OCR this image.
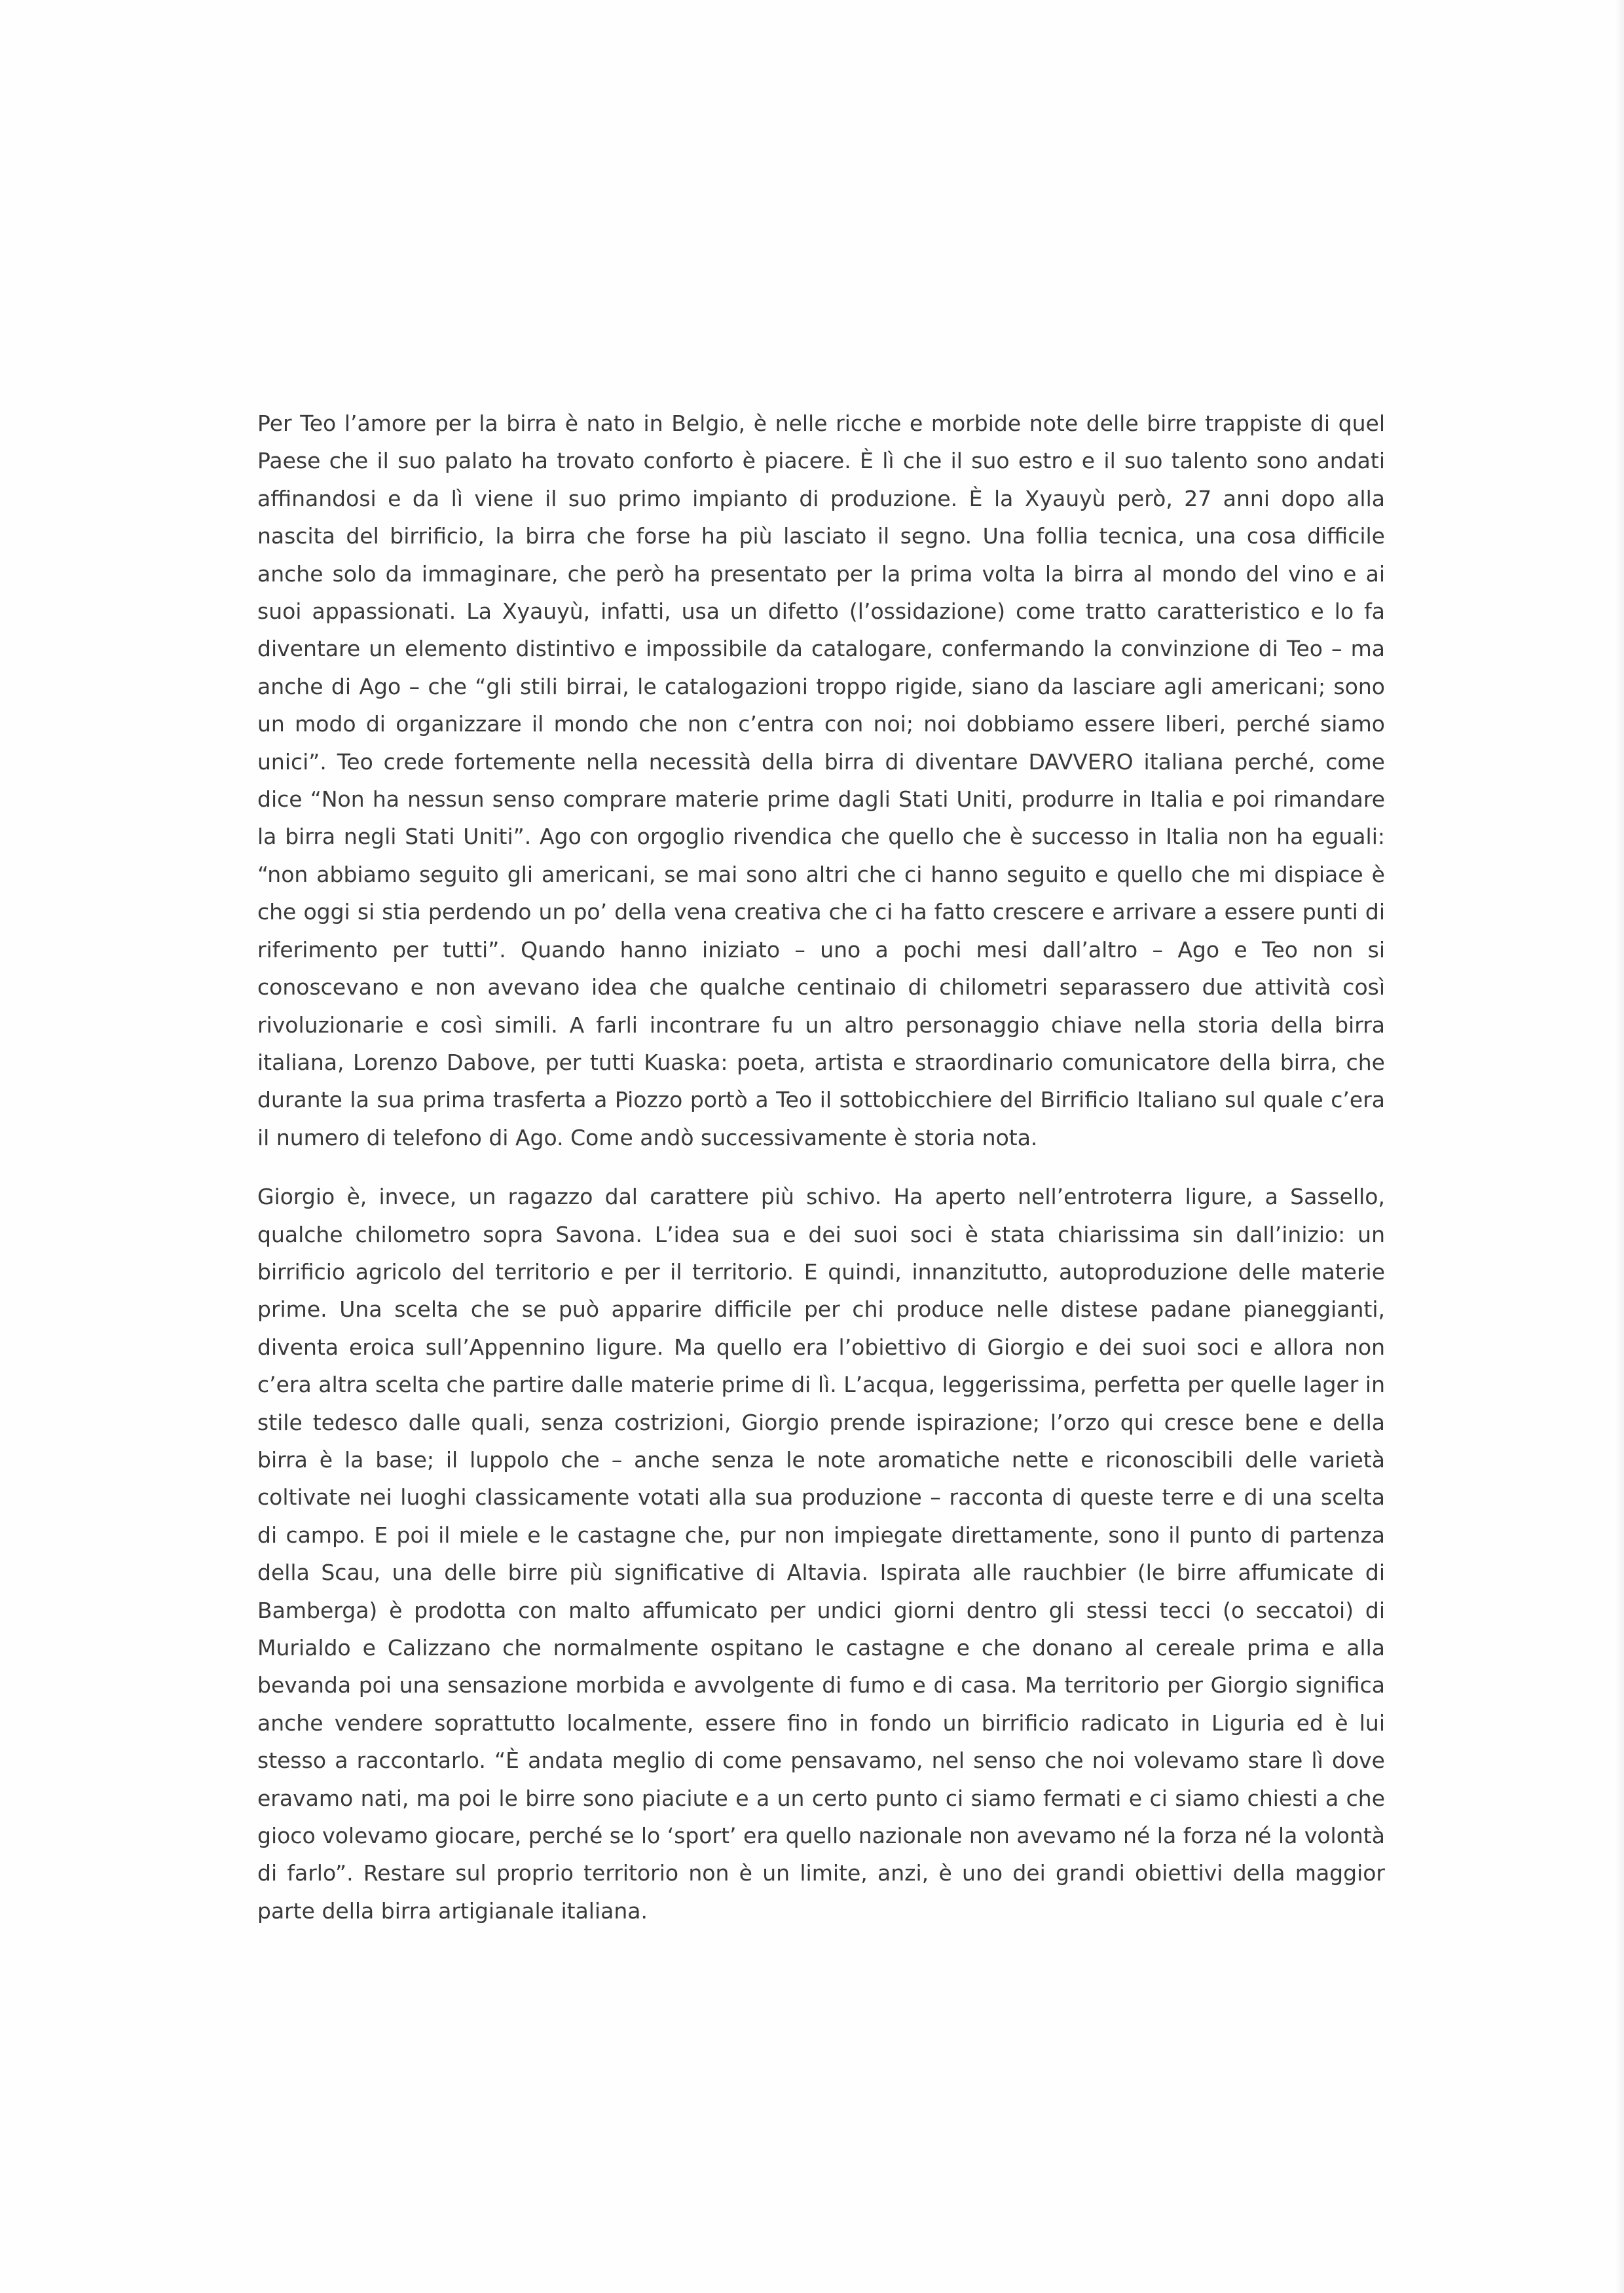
Per Teo l’amore per la birra è nato in Belgio, è nelle ricche e morbide note delle birre trappiste di quel Paese che il suo palato ha trovato conforto è piacere. È lì che il suo estro e il suo talento sono andati affinandosi e da lì viene il suo primo impianto di produzione. È la Xyauyù però, 27 anni dopo alla nascita del birrificio, la birra che forse ha più lasciato il segno. Una follia tecnica, una cosa difficile anche solo da immaginare, che però ha presentato per la prima volta la birra al mondo del vino e ai suoi appassionati. La Xyauyù, infatti, usa un difetto (l’ossidazione) come tratto caratteristico e lo fa diventare un elemento distintivo e impossibile da catalogare, confermando la convinzione di Teo – ma anche di Ago – che “gli stili birrai, le catalogazioni troppo rigide, siano da lasciare agli americani; sono un modo di organizzare il mondo che non c’entra con noi; noi dobbiamo essere liberi, perché siamo unici”. Teo crede fortemente nella necessità della birra di diventare DAVVERO italiana perché, come dice “Non ha nessun senso comprare materie prime dagli Stati Uniti, produrre in Italia e poi rimandare la birra negli Stati Uniti”. Ago con orgoglio rivendica che quello che è successo in Italia non ha eguali: “non abbiamo seguito gli americani, se mai sono altri che ci hanno seguito e quello che mi dispiace è che oggi si stia perdendo un po’ della vena creativa che ci ha fatto crescere e arrivare a essere punti di riferimento per tutti”. Quando hanno iniziato – uno a pochi mesi dall’altro – Ago e Teo non si conoscevano e non avevano idea che qualche centinaio di chilometri separassero due attività così rivoluzionarie e così simili. A farli incontrare fu un altro personaggio chiave nella storia della birra italiana, Lorenzo Dabove, per tutti Kuaska: poeta, artista e straordinario comunicatore della birra, che durante la sua prima trasferta a Piozzo portò a Teo il sottobicchiere del Birrificio Italiano sul quale c’era il numero di telefono di Ago. Come andò successivamente è storia nota.

Giorgio è, invece, un ragazzo dal carattere più schivo. Ha aperto nell’entroterra ligure, a Sassello, qualche chilometro sopra Savona. L’idea sua e dei suoi soci è stata chiarissima sin dall’inizio: un birrificio agricolo del territorio e per il territorio. E quindi, innanzitutto, autoproduzione delle materie prime. Una scelta che se può apparire difficile per chi produce nelle distese padane pianeggianti, diventa eroica sull’Appennino ligure. Ma quello era l’obiettivo di Giorgio e dei suoi soci e allora non c’era altra scelta che partire dalle materie prime di lì. L’acqua, leggerissima, perfetta per quelle lager in stile tedesco dalle quali, senza costrizioni, Giorgio prende ispirazione; l’orzo qui cresce bene e della birra è la base; il luppolo che – anche senza le note aromatiche nette e riconoscibili delle varietà coltivate nei luoghi classicamente votati alla sua produzione – racconta di queste terre e di una scelta di campo. E poi il miele e le castagne che, pur non impiegate direttamente, sono il punto di partenza della Scau, una delle birre più significative di Altavia. Ispirata alle rauchbier (le birre affumicate di Bamberga) è prodotta con malto affumicato per undici giorni dentro gli stessi tecci (o seccatoi) di Murialdo e Calizzano che normalmente ospitano le castagne e che donano al cereale prima e alla bevanda poi una sensazione morbida e avvolgente di fumo e di casa. Ma territorio per Giorgio significa anche vendere soprattutto localmente, essere fino in fondo un birrificio radicato in Liguria ed è lui stesso a raccontarlo. “È andata meglio di come pensavamo, nel senso che noi volevamo stare lì dove eravamo nati, ma poi le birre sono piaciute e a un certo punto ci siamo fermati e ci siamo chiesti a che gioco volevamo giocare, perché se lo ‘sport’ era quello nazionale non avevamo né la forza né la volontà di farlo”. Restare sul proprio territorio non è un limite, anzi, è uno dei grandi obiettivi della maggior parte della birra artigianale italiana.
